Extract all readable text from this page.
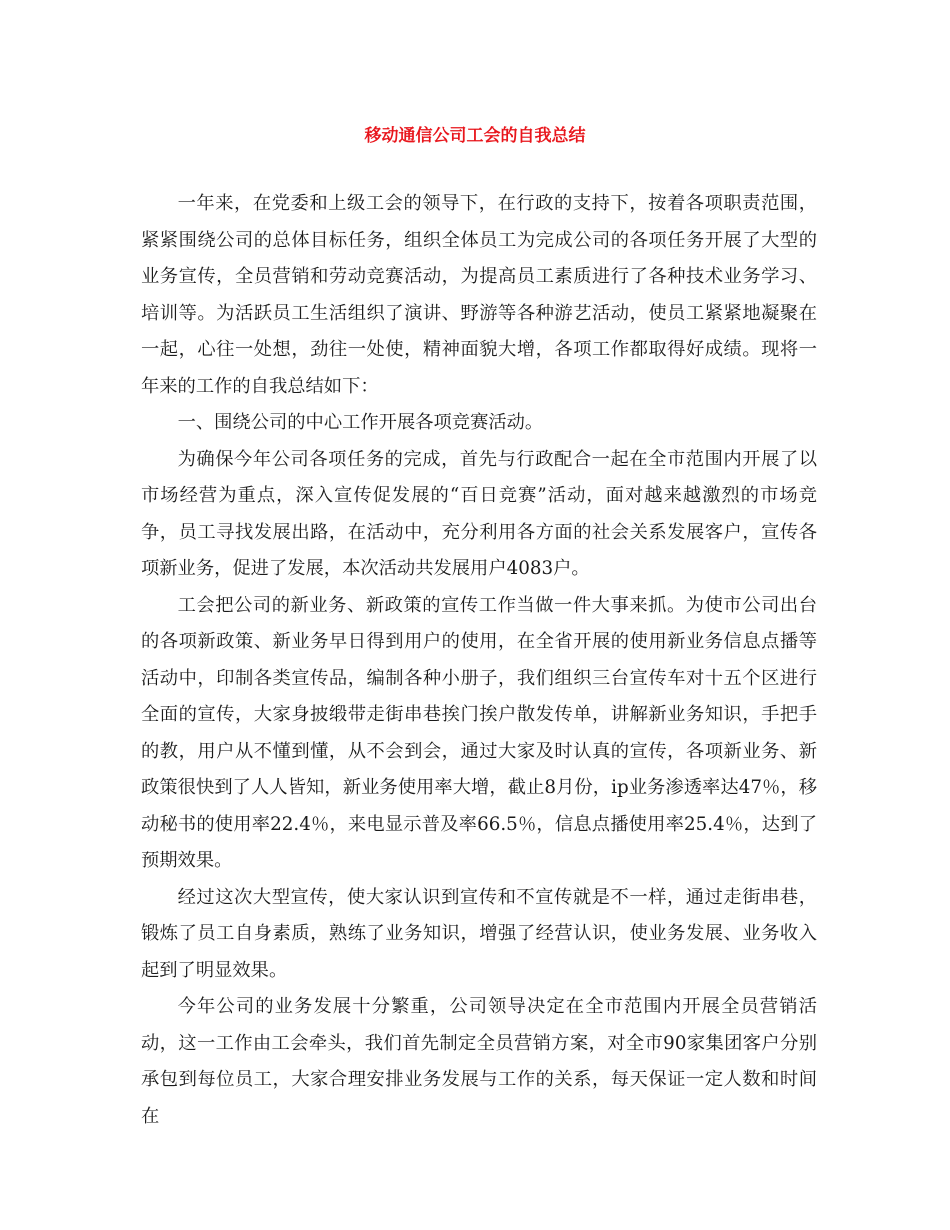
移动通信公司工会的自我总结

一年来，在党委和上级工会的领导下，在行政的支持下，按着各项职责范围，紧紧围绕公司的总体目标任务，组织全体员工为完成公司的各项任务开展了大型的业务宣传，全员营销和劳动竞赛活动，为提高员工素质进行了各种技术业务学习、培训等。为活跃员工生活组织了演讲、野游等各种游艺活动，使员工紧紧地凝聚在一起，心往一处想，劲往一处使，精神面貌大增，各项工作都取得好成绩。现将一年来的工作的自我总结如下：

一、围绕公司的中心工作开展各项竞赛活动。

为确保今年公司各项任务的完成，首先与行政配合一起在全市范围内开展了以市场经营为重点，深入宣传促发展的“百日竞赛”活动，面对越来越激烈的市场竞争，员工寻找发展出路，在活动中，充分利用各方面的社会关系发展客户，宣传各项新业务，促进了发展，本次活动共发展用户4083户。

工会把公司的新业务、新政策的宣传工作当做一件大事来抓。为使市公司出台的各项新政策、新业务早日得到用户的使用，在全省开展的使用新业务信息点播等活动中，印制各类宣传品，编制各种小册子，我们组织三台宣传车对十五个区进行全面的宣传，大家身披缎带走街串巷挨门挨户散发传单，讲解新业务知识，手把手的教，用户从不懂到懂，从不会到会，通过大家及时认真的宣传，各项新业务、新政策很快到了人人皆知，新业务使用率大增，截止8月份，ip业务渗透率达47％，移动秘书的使用率22.4％，来电显示普及率66.5％，信息点播使用率25.4％，达到了预期效果。

经过这次大型宣传，使大家认识到宣传和不宣传就是不一样，通过走街串巷，锻炼了员工自身素质，熟练了业务知识，增强了经营认识，使业务发展、业务收入起到了明显效果。

今年公司的业务发展十分繁重，公司领导决定在全市范围内开展全员营销活动，这一工作由工会牵头，我们首先制定全员营销方案，对全市90家集团客户分别承包到每位员工，大家合理安排业务发展与工作的关系，每天保证一定人数和时间在
